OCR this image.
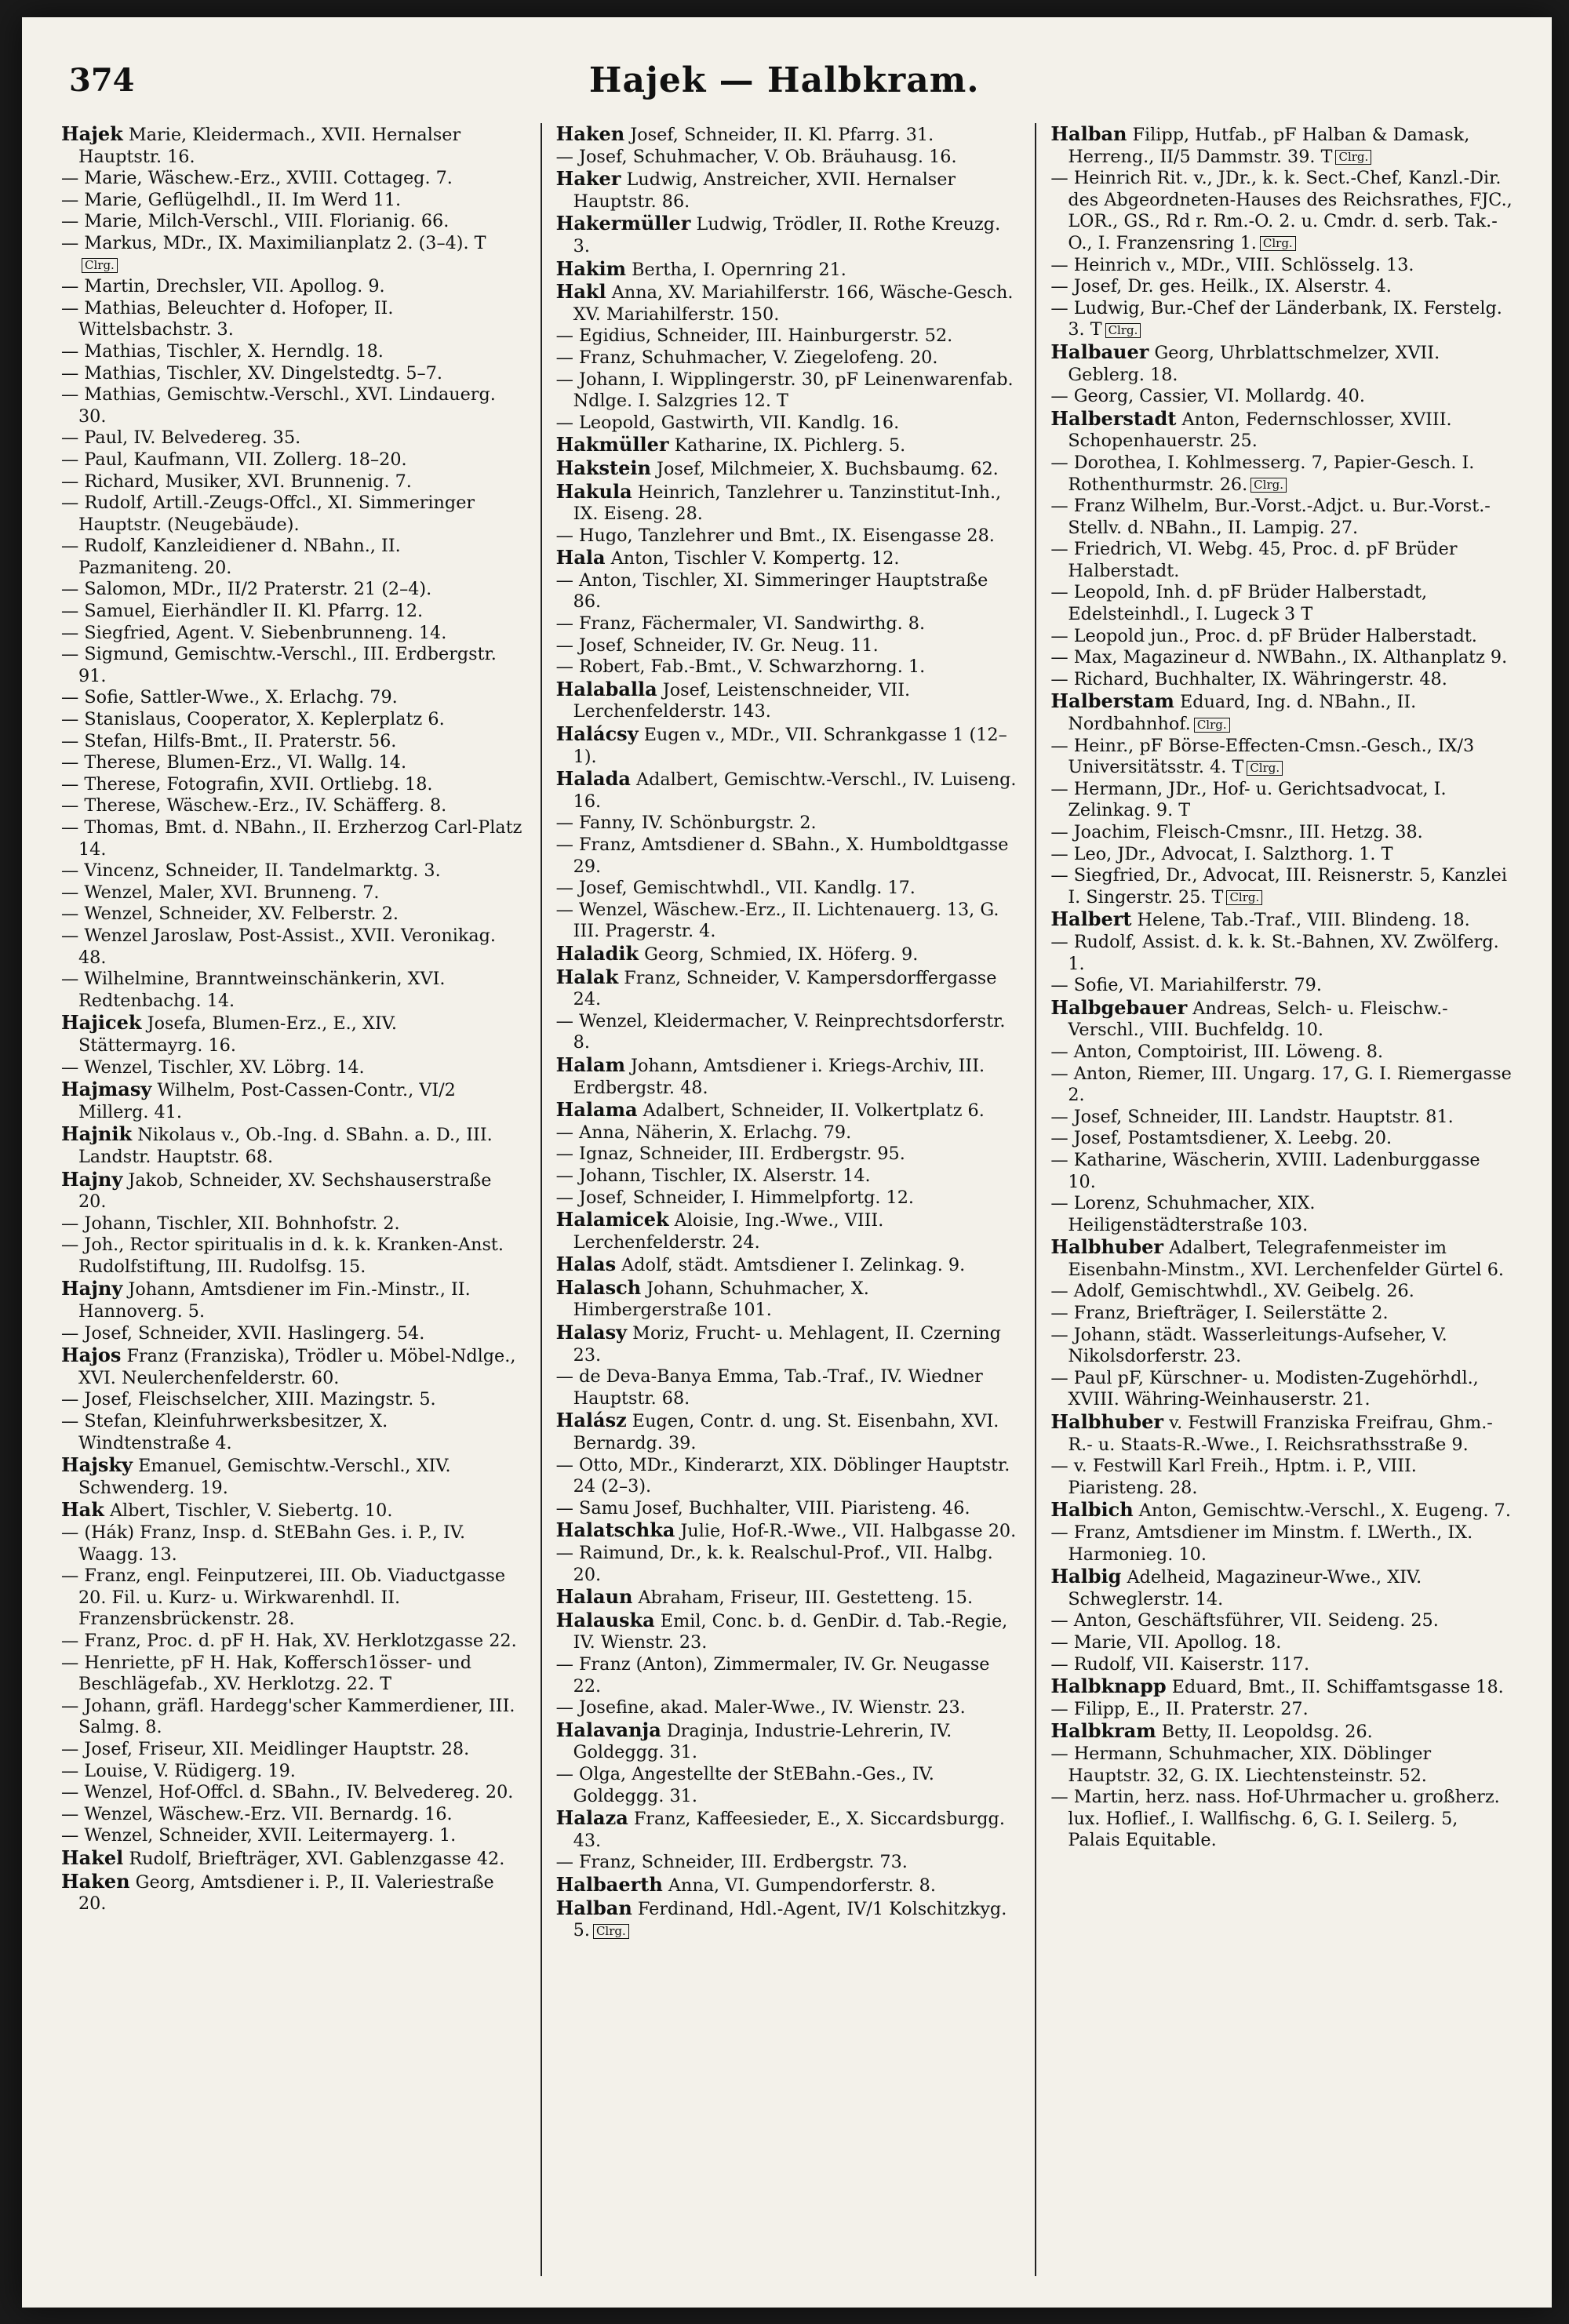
374	Hajek — Halbkram.
Hajek Marie, Kleidermach., XVII. Hernalser Hauptstr. 16.
— Marie, Wäschew.-Erz., XVIII. Cottageg. 7.
— Marie, Geflügelhdl., II. Im Werd 11.
— Marie, Milch-Verschl., VIII. Florianig. 66.
— Markus, MDr., IX. Maximilianplatz 2. (3–4). TClrg.
— Martin, Drechsler, VII. Apollog. 9.
— Mathias, Beleuchter d. Hofoper, II. Wittelsbachstr. 3.
— Mathias, Tischler, X. Herndlg. 18.
— Mathias, Tischler, XV. Dingelstedtg. 5–7.
— Mathias, Gemischtw.-Verschl., XVI. Lindauerg. 30.
— Paul, IV. Belvedereg. 35.
— Paul, Kaufmann, VII. Zollerg. 18–20.
— Richard, Musiker, XVI. Brunnenig. 7.
— Rudolf, Artill.-Zeugs-Offcl., XI. Simmeringer Hauptstr. (Neugebäude).
— Rudolf, Kanzleidiener d. NBahn., II. Pazmaniteng. 20.
— Salomon, MDr., II/2 Praterstr. 21 (2–4).
— Samuel, Eierhändler II. Kl. Pfarrg. 12.
— Siegfried, Agent. V. Siebenbrunneng. 14.
— Sigmund, Gemischtw.-Verschl., III. Erdbergstr. 91.
— Sofie, Sattler-Wwe., X. Erlachg. 79.
— Stanislaus, Cooperator, X. Keplerplatz 6.
— Stefan, Hilfs-Bmt., II. Praterstr. 56.
— Therese, Blumen-Erz., VI. Wallg. 14.
— Therese, Fotografin, XVII. Ortliebg. 18.
— Therese, Wäschew.-Erz., IV. Schäfferg. 8.
— Thomas, Bmt. d. NBahn., II. Erzherzog Carl-Platz 14.
— Vincenz, Schneider, II. Tandelmarktg. 3.
— Wenzel, Maler, XVI. Brunneng. 7.
— Wenzel, Schneider, XV. Felberstr. 2.
— Wenzel Jaroslaw, Post-Assist., XVII. Veronikag. 48.
— Wilhelmine, Branntweinschänkerin, XVI. Redtenbachg. 14.
Hajicek Josefa, Blumen-Erz., E., XIV. Stättermayrg. 16.
— Wenzel, Tischler, XV. Löbrg. 14.
Hajmasy Wilhelm, Post-Cassen-Contr., VI/2 Millerg. 41.
Hajnik Nikolaus v., Ob.-Ing. d. SBahn. a. D., III. Landstr. Hauptstr. 68.
Hajny Jakob, Schneider, XV. Sechshauserstraße 20.
— Johann, Tischler, XII. Bohnhofstr. 2.
— Joh., Rector spiritualis in d. k. k. Kranken-Anst. Rudolfstiftung, III. Rudolfsg. 15.
Hajny Johann, Amtsdiener im Fin.-Minstr., II. Hannoverg. 5.
— Josef, Schneider, XVII. Haslingerg. 54.
Hajos Franz (Franziska), Trödler u. Möbel-Ndlge., XVI. Neulerchenfelderstr. 60.
— Josef, Fleischselcher, XIII. Mazingstr. 5.
— Stefan, Kleinfuhrwerksbesitzer, X. Windtenstraße 4.
Hajsky Emanuel, Gemischtw.-Verschl., XIV. Schwenderg. 19.
Hak Albert, Tischler, V. Siebertg. 10.
— (Hák) Franz, Insp. d. StEBahn Ges. i. P., IV. Waagg. 13.
— Franz, engl. Feinputzerei, III. Ob. Viaductgasse 20. Fil. u. Kurz- u. Wirkwarenhdl. II. Franzensbrückenstr. 28.
— Franz, Proc. d. pF H. Hak, XV. Herklotzgasse 22.
— Henriette, pF H. Hak, Koffersch1össer- und Beschlägefab., XV. Herklotzg. 22. T
— Johann, gräfl. Hardegg'scher Kammerdiener, III. Salmg. 8.
— Josef, Friseur, XII. Meidlinger Hauptstr. 28.
— Louise, V. Rüdigerg. 19.
— Wenzel, Hof-Offcl. d. SBahn., IV. Belvedereg. 20.
— Wenzel, Wäschew.-Erz. VII. Bernardg. 16.
— Wenzel, Schneider, XVII. Leitermayerg. 1.
Hakel Rudolf, Briefträger, XVI. Gablenzgasse 42.
Haken Georg, Amtsdiener i. P., II. Valeriestraße 20.
Haken Josef, Schneider, II. Kl. Pfarrg. 31.
— Josef, Schuhmacher, V. Ob. Bräuhausg. 16.
Haker Ludwig, Anstreicher, XVII. Hernalser Hauptstr. 86.
Hakermüller Ludwig, Trödler, II. Rothe Kreuzg. 3.
Hakim Bertha, I. Opernring 21.
Hakl Anna, XV. Mariahilferstr. 166, Wäsche-Gesch. XV. Mariahilferstr. 150.
— Egidius, Schneider, III. Hainburgerstr. 52.
— Franz, Schuhmacher, V. Ziegelofeng. 20.
— Johann, I. Wipplingerstr. 30, pF Leinenwarenfab. Ndlge. I. Salzgries 12. T
— Leopold, Gastwirth, VII. Kandlg. 16.
Hakmüller Katharine, IX. Pichlerg. 5.
Hakstein Josef, Milchmeier, X. Buchsbaumg. 62.
Hakula Heinrich, Tanzlehrer u. Tanzinstitut-Inh., IX. Eiseng. 28.
— Hugo, Tanzlehrer und Bmt., IX. Eisengasse 28.
Hala Anton, Tischler V. Kompertg. 12.
— Anton, Tischler, XI. Simmeringer Hauptstraße 86.
— Franz, Fächermaler, VI. Sandwirthg. 8.
— Josef, Schneider, IV. Gr. Neug. 11.
— Robert, Fab.-Bmt., V. Schwarzhorng. 1.
Halaballa Josef, Leistenschneider, VII. Lerchenfelderstr. 143.
Halácsy Eugen v., MDr., VII. Schrankgasse 1 (12–1).
Halada Adalbert, Gemischtw.-Verschl., IV. Luiseng. 16.
— Fanny, IV. Schönburgstr. 2.
— Franz, Amtsdiener d. SBahn., X. Humboldtgasse 29.
— Josef, Gemischtwhdl., VII. Kandlg. 17.
— Wenzel, Wäschew.-Erz., II. Lichtenauerg. 13, G. III. Pragerstr. 4.
Haladik Georg, Schmied, IX. Höferg. 9.
Halak Franz, Schneider, V. Kampersdorffergasse 24.
— Wenzel, Kleidermacher, V. Reinprechtsdorferstr. 8.
Halam Johann, Amtsdiener i. Kriegs-Archiv, III. Erdbergstr. 48.
Halama Adalbert, Schneider, II. Volkertplatz 6.
— Anna, Näherin, X. Erlachg. 79.
— Ignaz, Schneider, III. Erdbergstr. 95.
— Johann, Tischler, IX. Alserstr. 14.
— Josef, Schneider, I. Himmelpfortg. 12.
Halamicek Aloisie, Ing.-Wwe., VIII. Lerchenfelderstr. 24.
Halas Adolf, städt. Amtsdiener I. Zelinkag. 9.
Halasch Johann, Schuhmacher, X. Himbergerstraße 101.
Halasy Moriz, Frucht- u. Mehlagent, II. Czerning 23.
— de Deva-Banya Emma, Tab.-Traf., IV. Wiedner Hauptstr. 68.
Halász Eugen, Contr. d. ung. St. Eisenbahn, XVI. Bernardg. 39.
— Otto, MDr., Kinderarzt, XIX. Döblinger Hauptstr. 24 (2–3).
— Samu Josef, Buchhalter, VIII. Piaristeng. 46.
Halatschka Julie, Hof-R.-Wwe., VII. Halbgasse 20.
— Raimund, Dr., k. k. Realschul-Prof., VII. Halbg. 20.
Halaun Abraham, Friseur, III. Gestetteng. 15.
Halauska Emil, Conc. b. d. GenDir. d. Tab.-Regie, IV. Wienstr. 23.
— Franz (Anton), Zimmermaler, IV. Gr. Neugasse 22.
— Josefine, akad. Maler-Wwe., IV. Wienstr. 23.
Halavanja Draginja, Industrie-Lehrerin, IV. Goldeggg. 31.
— Olga, Angestellte der StEBahn.-Ges., IV. Goldeggg. 31.
Halaza Franz, Kaffeesieder, E., X. Siccardsburgg. 43.
— Franz, Schneider, III. Erdbergstr. 73.
Halbaerth Anna, VI. Gumpendorferstr. 8.
Halban Ferdinand, Hdl.-Agent, IV/1 Kolschitzkyg. 5. Clrg.
Halban Filipp, Hutfab., pF Halban & Damask, Herreng., II/5 Dammstr. 39. T Clrg.
— Heinrich Rit. v., JDr., k. k. Sect.-Chef, Kanzl.-Dir. des Abgeordneten-Hauses des Reichsrathes, FJC., LOR., GS., Rd r. Rm.-O. 2. u. Cmdr. d. serb. Tak.-O., I. Franzensring 1. Clrg.
— Heinrich v., MDr., VIII. Schlösselg. 13.
— Josef, Dr. ges. Heilk., IX. Alserstr. 4.
— Ludwig, Bur.-Chef der Länderbank, IX. Ferstelg. 3. T Clrg.
Halbauer Georg, Uhrblattschmelzer, XVII. Geblerg. 18.
— Georg, Cassier, VI. Mollardg. 40.
Halberstadt Anton, Federnschlosser, XVIII. Schopenhauerstr. 25.
— Dorothea, I. Kohlmesserg. 7, Papier-Gesch. I. Rothenthurmstr. 26. Clrg.
— Franz Wilhelm, Bur.-Vorst.-Adjct. u. Bur.-Vorst.-Stellv. d. NBahn., II. Lampig. 27.
— Friedrich, VI. Webg. 45, Proc. d. pF Brüder Halberstadt.
— Leopold, Inh. d. pF Brüder Halberstadt, Edelsteinhdl., I. Lugeck 3 T
— Leopold jun., Proc. d. pF Brüder Halberstadt.
— Max, Magazineur d. NWBahn., IX. Althanplatz 9.
— Richard, Buchhalter, IX. Währingerstr. 48.
Halberstam Eduard, Ing. d. NBahn., II. Nordbahnhof. Clrg.
— Heinr., pF Börse-Effecten-Cmsn.-Gesch., IX/3 Universitätsstr. 4. T Clrg.
— Hermann, JDr., Hof- u. Gerichtsadvocat, I. Zelinkag. 9. T
— Joachim, Fleisch-Cmsnr., III. Hetzg. 38.
— Leo, JDr., Advocat, I. Salzthorg. 1. T
— Siegfried, Dr., Advocat, III. Reisnerstr. 5, Kanzlei I. Singerstr. 25. T Clrg.
Halbert Helene, Tab.-Traf., VIII. Blindeng. 18.
— Rudolf, Assist. d. k. k. St.-Bahnen, XV. Zwölferg. 1.
— Sofie, VI. Mariahilferstr. 79.
Halbgebauer Andreas, Selch- u. Fleischw.-Verschl., VIII. Buchfeldg. 10.
— Anton, Comptoirist, III. Löweng. 8.
— Anton, Riemer, III. Ungarg. 17, G. I. Riemergasse 2.
— Josef, Schneider, III. Landstr. Hauptstr. 81.
— Josef, Postamtsdiener, X. Leebg. 20.
— Katharine, Wäscherin, XVIII. Ladenburggasse 10.
— Lorenz, Schuhmacher, XIX. Heiligenstädterstraße 103.
Halbhuber Adalbert, Telegrafenmeister im Eisenbahn-Minstm., XVI. Lerchenfelder Gürtel 6.
— Adolf, Gemischtwhdl., XV. Geibelg. 26.
— Franz, Briefträger, I. Seilerstätte 2.
— Johann, städt. Wasserleitungs-Aufseher, V. Nikolsdorferstr. 23.
— Paul pF, Kürschner- u. Modisten-Zugehörhdl., XVIII. Währing-Weinhauserstr. 21.
Halbhuber v. Festwill Franziska Freifrau, Ghm.-R.- u. Staats-R.-Wwe., I. Reichsrathsstraße 9.
— v. Festwill Karl Freih., Hptm. i. P., VIII. Piaristeng. 28.
Halbich Anton, Gemischtw.-Verschl., X. Eugeng. 7.
— Franz, Amtsdiener im Minstm. f. LWerth., IX. Harmonieg. 10.
Halbig Adelheid, Magazineur-Wwe., XIV. Schweglerstr. 14.
— Anton, Geschäftsführer, VII. Seideng. 25.
— Marie, VII. Apollog. 18.
— Rudolf, VII. Kaiserstr. 117.
Halbknapp Eduard, Bmt., II. Schiffamtsgasse 18.
— Filipp, E., II. Praterstr. 27.
Halbkram Betty, II. Leopoldsg. 26.
— Hermann, Schuhmacher, XIX. Döblinger Hauptstr. 32, G. IX. Liechtensteinstr. 52.
— Martin, herz. nass. Hof-Uhrmacher u. großherz. lux. Hoflief., I. Wallfischg. 6, G. I. Seilerg. 5, Palais Equitable.
